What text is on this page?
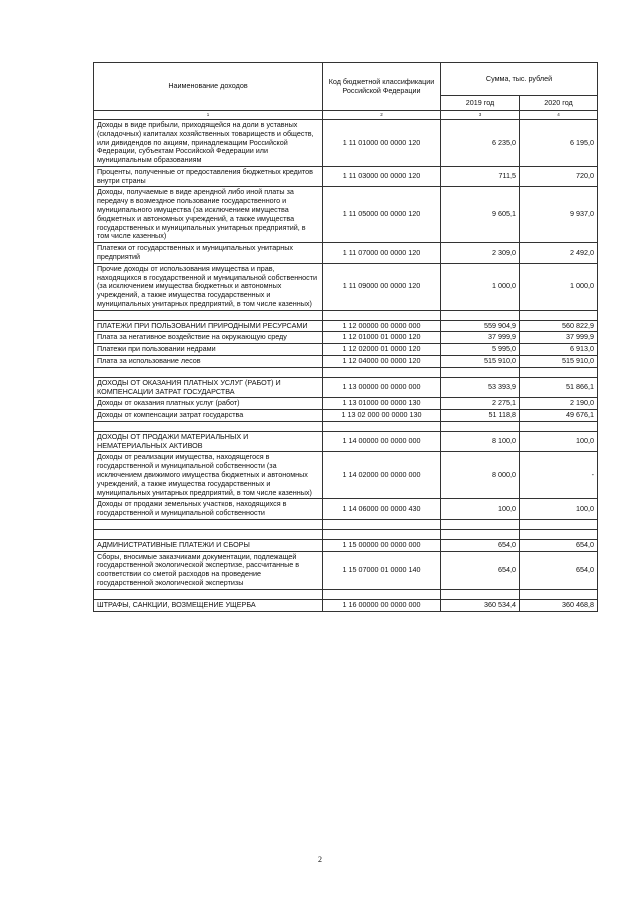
Наименование доходов	Код бюджетной классификации Российской Федерации	Сумма, тыс. рублей	
		2019 год	2020 год
1	2	3	4
Доходы в виде прибыли, приходящейся на доли в уставных (складочных) капиталах хозяйственных товариществ и обществ, или дивидендов по акциям, принадлежащим Российской Федерации, субъектам Российской Федерации или муниципальным образованиям	1 11 01000 00 0000 120	6 235,0	6 195,0
Проценты, полученные от предоставления бюджетных кредитов внутри страны	1 11 03000 00 0000 120	711,5	720,0
Доходы, получаемые в виде арендной либо иной платы за передачу в возмездное пользование государственного и муниципального имущества (за исключением имущества бюджетных и автономных учреждений, а также имущества государственных и муниципальных унитарных предприятий, в том числе казенных)	1 11 05000 00 0000 120	9 605,1	9 937,0
Платежи от государственных и муниципальных унитарных предприятий	1 11 07000 00 0000 120	2 309,0	2 492,0
Прочие доходы от использования имущества и прав, находящихся в государственной и муниципальной собственности (за исключением имущества бюджетных и автономных учреждений, а также имущества государственных и муниципальных унитарных предприятий, в том числе казенных)	1 11 09000 00 0000 120	1 000,0	1 000,0

ПЛАТЕЖИ ПРИ ПОЛЬЗОВАНИИ ПРИРОДНЫМИ РЕСУРСАМИ	1 12 00000 00 0000 000	559 904,9	560 822,9
Плата за негативное воздействие на окружающую среду	1 12 01000 01 0000 120	37 999,9	37 999,9
Платежи при пользовании недрами	1 12 02000 01 0000 120	5 995,0	6 913,0
Плата за использование лесов	1 12 04000 00 0000 120	515 910,0	515 910,0

ДОХОДЫ ОТ ОКАЗАНИЯ ПЛАТНЫХ УСЛУГ (РАБОТ) И КОМПЕНСАЦИИ ЗАТРАТ ГОСУДАРСТВА	1 13 00000 00 0000 000	53 393,9	51 866,1
Доходы от оказания платных услуг (работ)	1 13 01000 00 0000 130	2 275,1	2 190,0
Доходы от компенсации затрат государства	1 13 02 000 00 0000 130	51 118,8	49 676,1

ДОХОДЫ ОТ ПРОДАЖИ МАТЕРИАЛЬНЫХ И НЕМАТЕРИАЛЬНЫХ АКТИВОВ	1 14 00000 00 0000 000	8 100,0	100,0
Доходы от реализации имущества, находящегося в государственной и муниципальной собственности (за исключением движимого имущества бюджетных и автономных учреждений, а также имущества государственных и муниципальных унитарных предприятий, в том числе казенных)	1 14 02000 00 0000 000	8 000,0	-
Доходы от продажи земельных участков, находящихся в государственной и муниципальной собственности	1 14 06000 00 0000 430	100,0	100,0

АДМИНИСТРАТИВНЫЕ ПЛАТЕЖИ И СБОРЫ	1 15 00000 00 0000 000	654,0	654,0
Сборы, вносимые заказчиками документации, подлежащей государственной экологической экспертизе, рассчитанные в соответствии со сметой расходов на проведение государственной экологической экспертизы	1 15 07000 01 0000 140	654,0	654,0

ШТРАФЫ, САНКЦИИ, ВОЗМЕЩЕНИЕ УЩЕРБА	1 16 00000 00 0000 000	360 534,4	360 468,8
2
